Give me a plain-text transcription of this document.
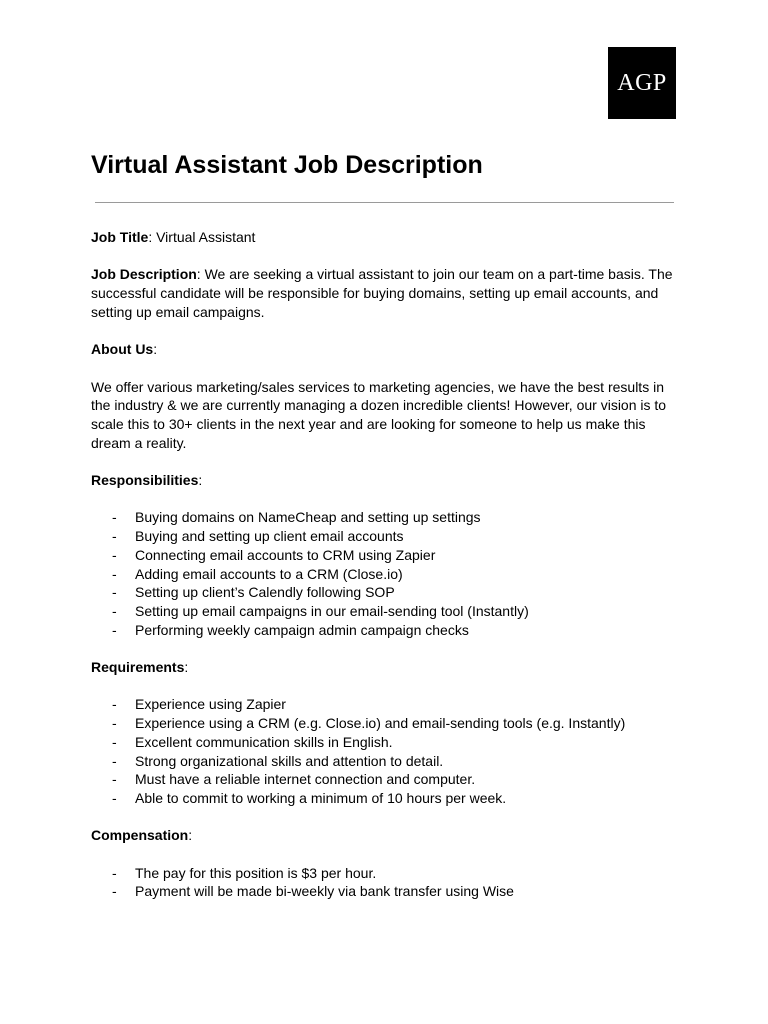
AGP
Virtual Assistant Job Description

Job Title: Virtual Assistant

Job Description: We are seeking a virtual assistant to join our team on a part-time basis. The successful candidate will be responsible for buying domains, setting up email accounts, and setting up email campaigns.

About Us:

We offer various marketing/sales services to marketing agencies, we have the best results in the industry & we are currently managing a dozen incredible clients! However, our vision is to scale this to 30+ clients in the next year and are looking for someone to help us make this dream a reality.

Responsibilities:

- Buying domains on NameCheap and setting up settings
- Buying and setting up client email accounts
- Connecting email accounts to CRM using Zapier
- Adding email accounts to a CRM (Close.io)
- Setting up client’s Calendly following SOP
- Setting up email campaigns in our email-sending tool (Instantly)
- Performing weekly campaign admin campaign checks

Requirements:

- Experience using Zapier
- Experience using a CRM (e.g. Close.io) and email-sending tools (e.g. Instantly)
- Excellent communication skills in English.
- Strong organizational skills and attention to detail.
- Must have a reliable internet connection and computer.
- Able to commit to working a minimum of 10 hours per week.

Compensation:

- The pay for this position is $3 per hour.
- Payment will be made bi-weekly via bank transfer using Wise
